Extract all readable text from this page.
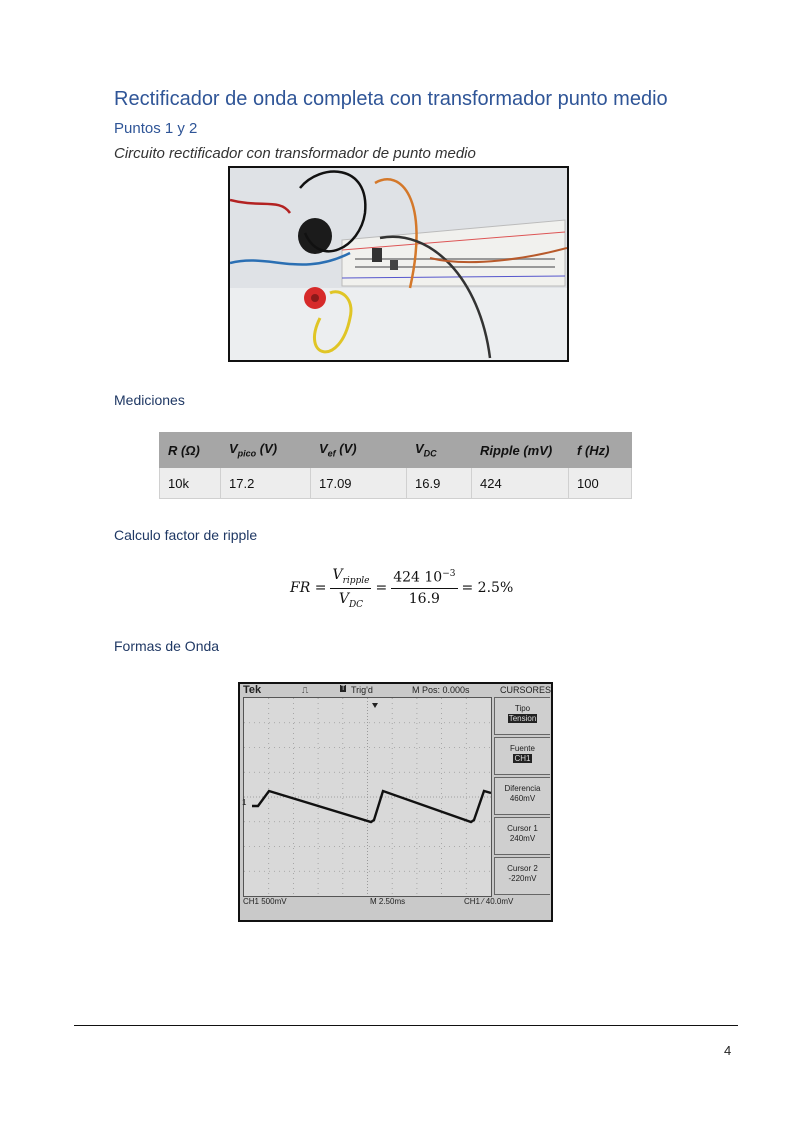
Rectificador de onda completa con transformador punto medio
Puntos 1 y 2
Circuito rectificador con transformador de punto medio
Mediciones
R (Ω)	$V_{pico}$ (V)	$V_{ef}$ (V)	$V_{DC}$	Ripple (mV)	f (Hz)
10k	17.2	17.09	16.9	424	100
Calculo factor de ripple
FR = $\frac{V_{ripple}}{V_{DC}} = \frac{424 10^{-3}}{16.9} = 2.5\%$
Formas de Onda
Tek	⎍	T Trig'd	M Pos: 0.000s	CURSORES
1
Tipo
Tension
Fuente
CH1
Diferencia
460mV
Cursor 1
240mV
Cursor 2
-220mV
CH1 500mV	M 2.50ms	CH1 ⁄ 40.0mV
4
